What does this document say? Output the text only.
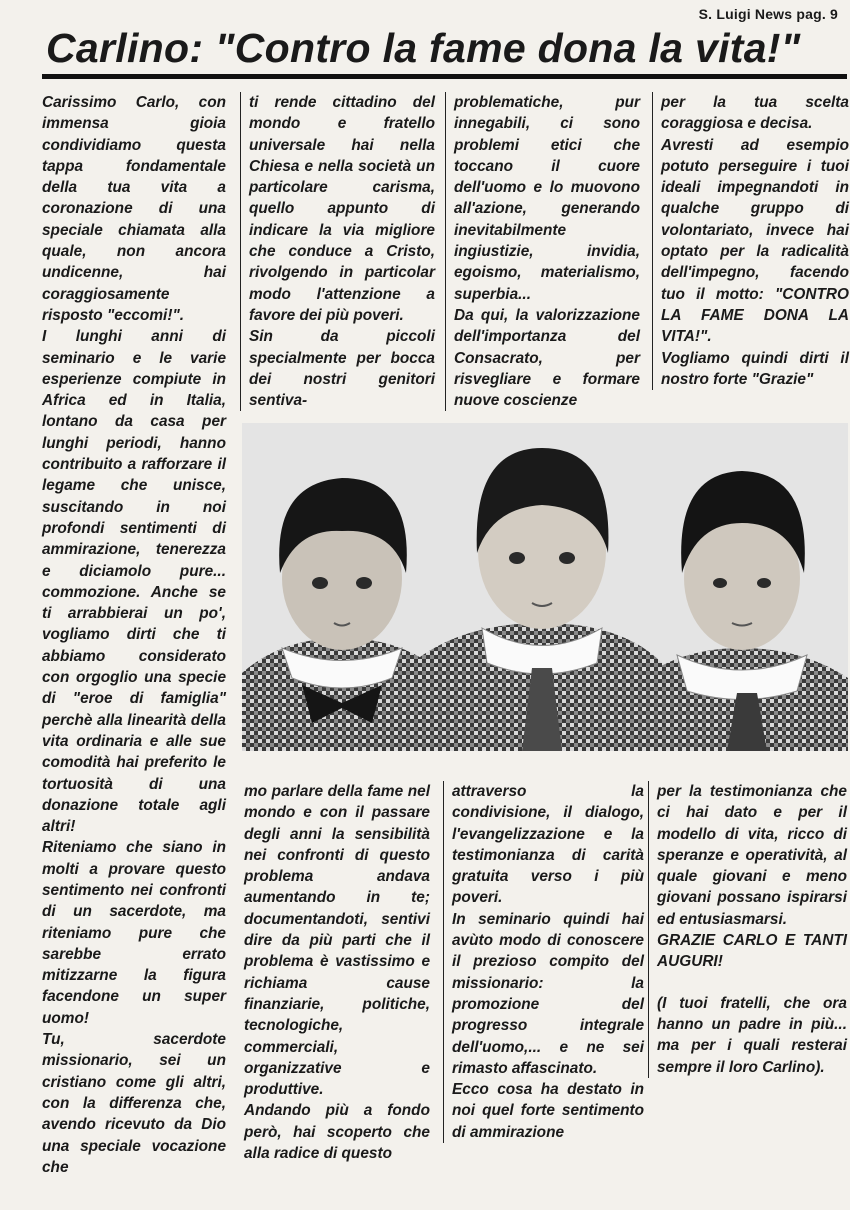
S. Luigi News pag. 9
Carlino: "Contro la fame dona la vita!"

Carissimo Carlo, con immensa gioia condividiamo questa tappa fondamentale della tua vita a coronazione di una speciale chiamata alla quale, non ancora undicenne, hai coraggiosamente risposto "eccomi!".

I lunghi anni di seminario e le varie esperienze compiute in Africa ed in Italia, lontano da casa per lunghi periodi, hanno contribuito a rafforzare il legame che unisce, suscitando in noi profondi sentimenti di ammirazione, tenerezza e diciamolo pure... commozione. Anche se ti arrabbierai un po', vogliamo dirti che ti abbiamo considerato con orgoglio una specie di "eroe di famiglia" perchè alla linearità della vita ordinaria e alle sue comodità hai preferito le tortuosità di una donazione totale agli altri!

Riteniamo che siano in molti a provare questo sentimento nei confronti di un sacerdote, ma riteniamo pure che sarebbe errato mitizzarne la figura facendone un super uomo!

Tu, sacerdote missionario, sei un cristiano come gli altri, con la differenza che, avendo ricevuto da Dio una speciale vocazione che

ti rende cittadino del mondo e fratello universale hai nella Chiesa e nella società un particolare carisma, quello appunto di indicare la via migliore che conduce a Cristo, rivolgendo in particolar modo l'attenzione a favore dei più poveri.

Sin da piccoli specialmente per bocca dei nostri genitori sentiva-

problematiche, pur innegabili, ci sono problemi etici che toccano il cuore dell'uomo e lo muovono all'azione, generando inevitabilmente ingiustizie, invidia, egoismo, materialismo, superbia...

Da qui, la valorizzazione dell'importanza del Consacrato, per risvegliare e formare nuove coscienze

per la tua scelta coraggiosa e decisa.

Avresti ad esempio potuto perseguire i tuoi ideali impegnandoti in qualche gruppo di volontariato, invece hai optato per la radicalità dell'impegno, facendo tuo il motto: "CONTRO LA FAME DONA LA VITA!".

Vogliamo quindi dirti il nostro forte "Grazie"

mo parlare della fame nel mondo e con il passare degli anni la sensibilità nei confronti di questo problema andava aumentando in te; documentandoti, sentivi dire da più parti che il problema è vastissimo e richiama cause finanziarie, politiche, tecnologiche, commerciali, organizzative e produttive.

Andando più a fondo però, hai scoperto che alla radice di questo

attraverso la condivisione, il dialogo, l'evangelizzazione e la testimonianza di carità gratuita verso i più poveri.

In seminario quindi hai avùto modo di conoscere il prezioso compito del missionario: la promozione del progresso integrale dell'uomo,... e ne sei rimasto affascinato.

Ecco cosa ha destato in noi quel forte sentimento di ammirazione

per la testimonianza che ci hai dato e per il modello di vita, ricco di speranze e operatività, al quale giovani e meno giovani possano ispirarsi ed entusiasmarsi.

GRAZIE CARLO E TANTI AUGURI!

(I tuoi fratelli, che ora hanno un padre in più... ma per i quali resterai sempre il loro Carlino).
